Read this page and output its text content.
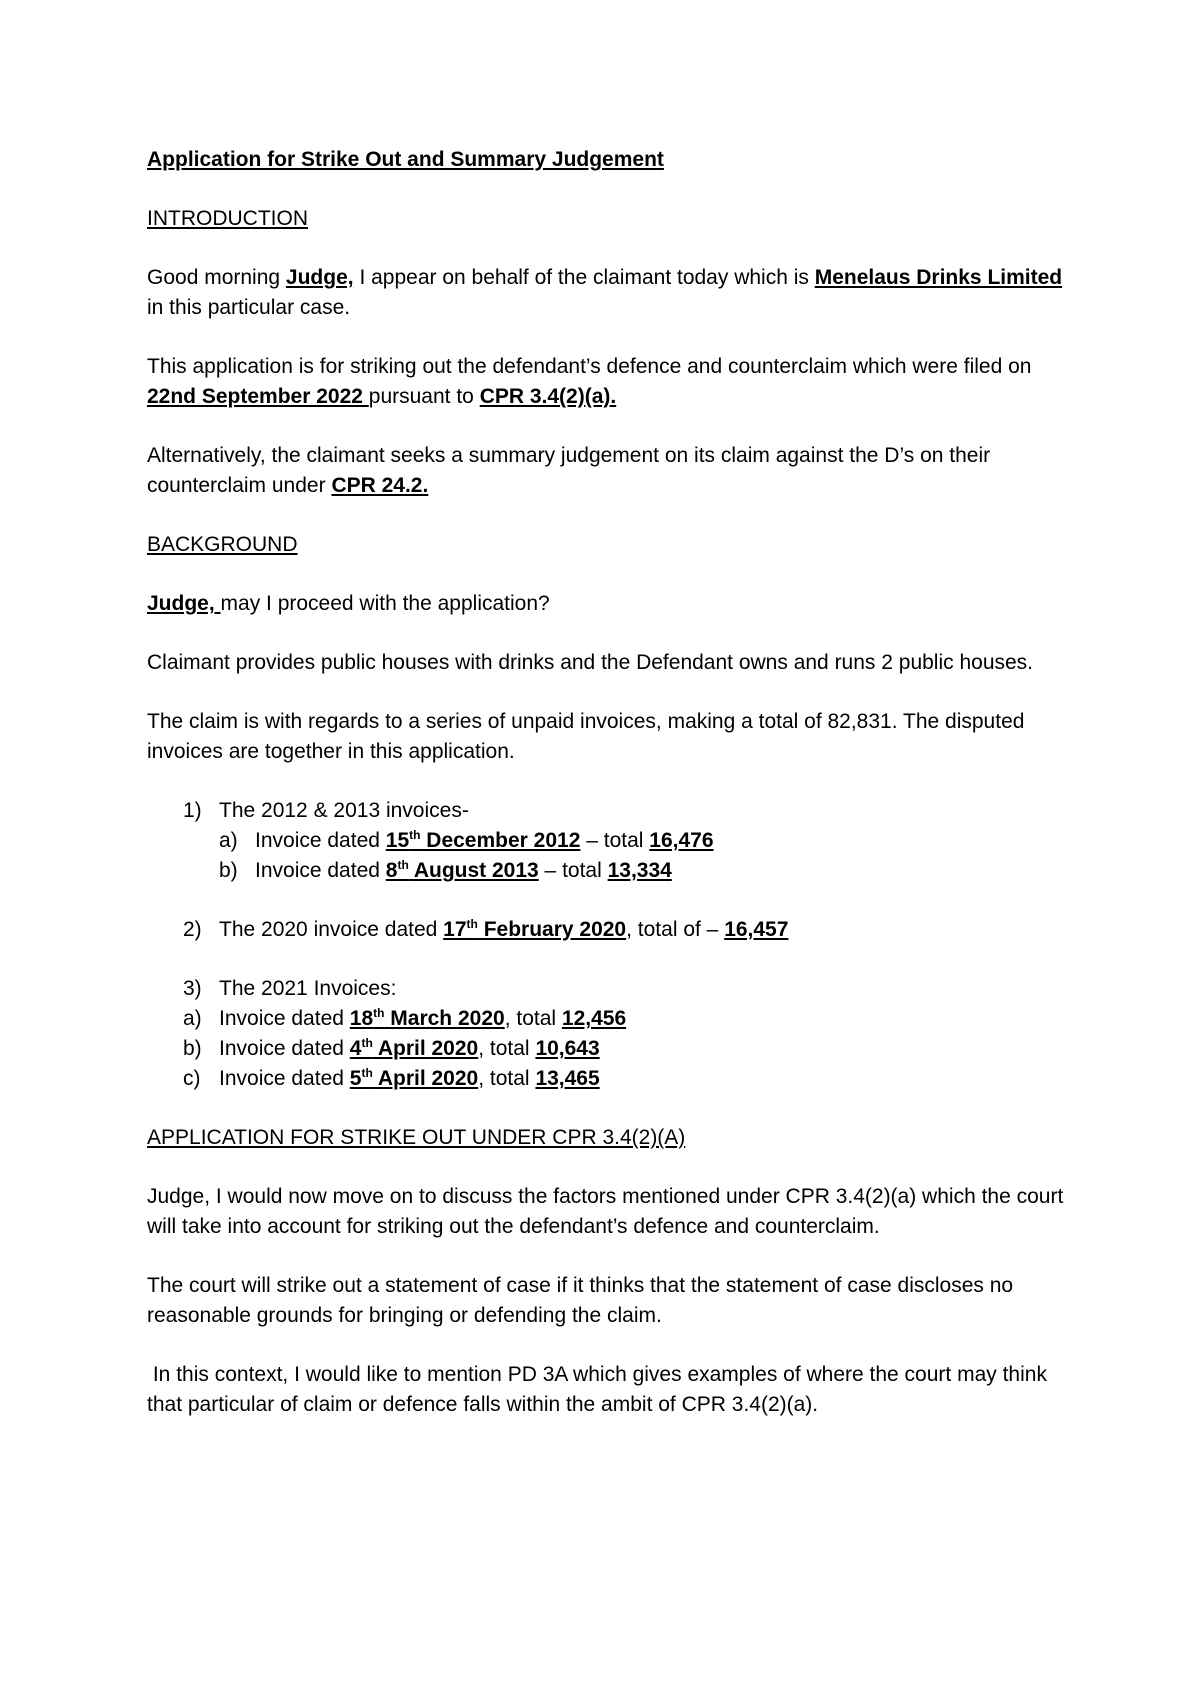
Application for Strike Out and Summary Judgement

INTRODUCTION

Good morning Judge, I appear on behalf of the claimant today which is Menelaus Drinks Limited in this particular case.

This application is for striking out the defendant’s defence and counterclaim which were filed on 22nd September 2022 pursuant to CPR 3.4(2)(a).

Alternatively, the claimant seeks a summary judgement on its claim against the D’s on their counterclaim under CPR 24.2.

BACKGROUND

Judge, may I proceed with the application?

Claimant provides public houses with drinks and the Defendant owns and runs 2 public houses.

The claim is with regards to a series of unpaid invoices, making a total of 82,831. The disputed invoices are together in this application.

1) The 2012 & 2013 invoices-

a) Invoice dated 15th December 2012 – total 16,476

b) Invoice dated 8th August 2013 – total 13,334

2) The 2020 invoice dated 17th February 2020, total of – 16,457

3) The 2021 Invoices:

a) Invoice dated 18th March 2020, total 12,456

b) Invoice dated 4th April 2020, total 10,643

c) Invoice dated 5th April 2020, total 13,465

APPLICATION FOR STRIKE OUT UNDER CPR 3.4(2)(A)

Judge, I would now move on to discuss the factors mentioned under CPR 3.4(2)(a) which the court will take into account for striking out the defendant’s defence and counterclaim.

The court will strike out a statement of case if it thinks that the statement of case discloses no reasonable grounds for bringing or defending the claim.

In this context, I would like to mention PD 3A which gives examples of where the court may think that particular of claim or defence falls within the ambit of CPR 3.4(2)(a).
